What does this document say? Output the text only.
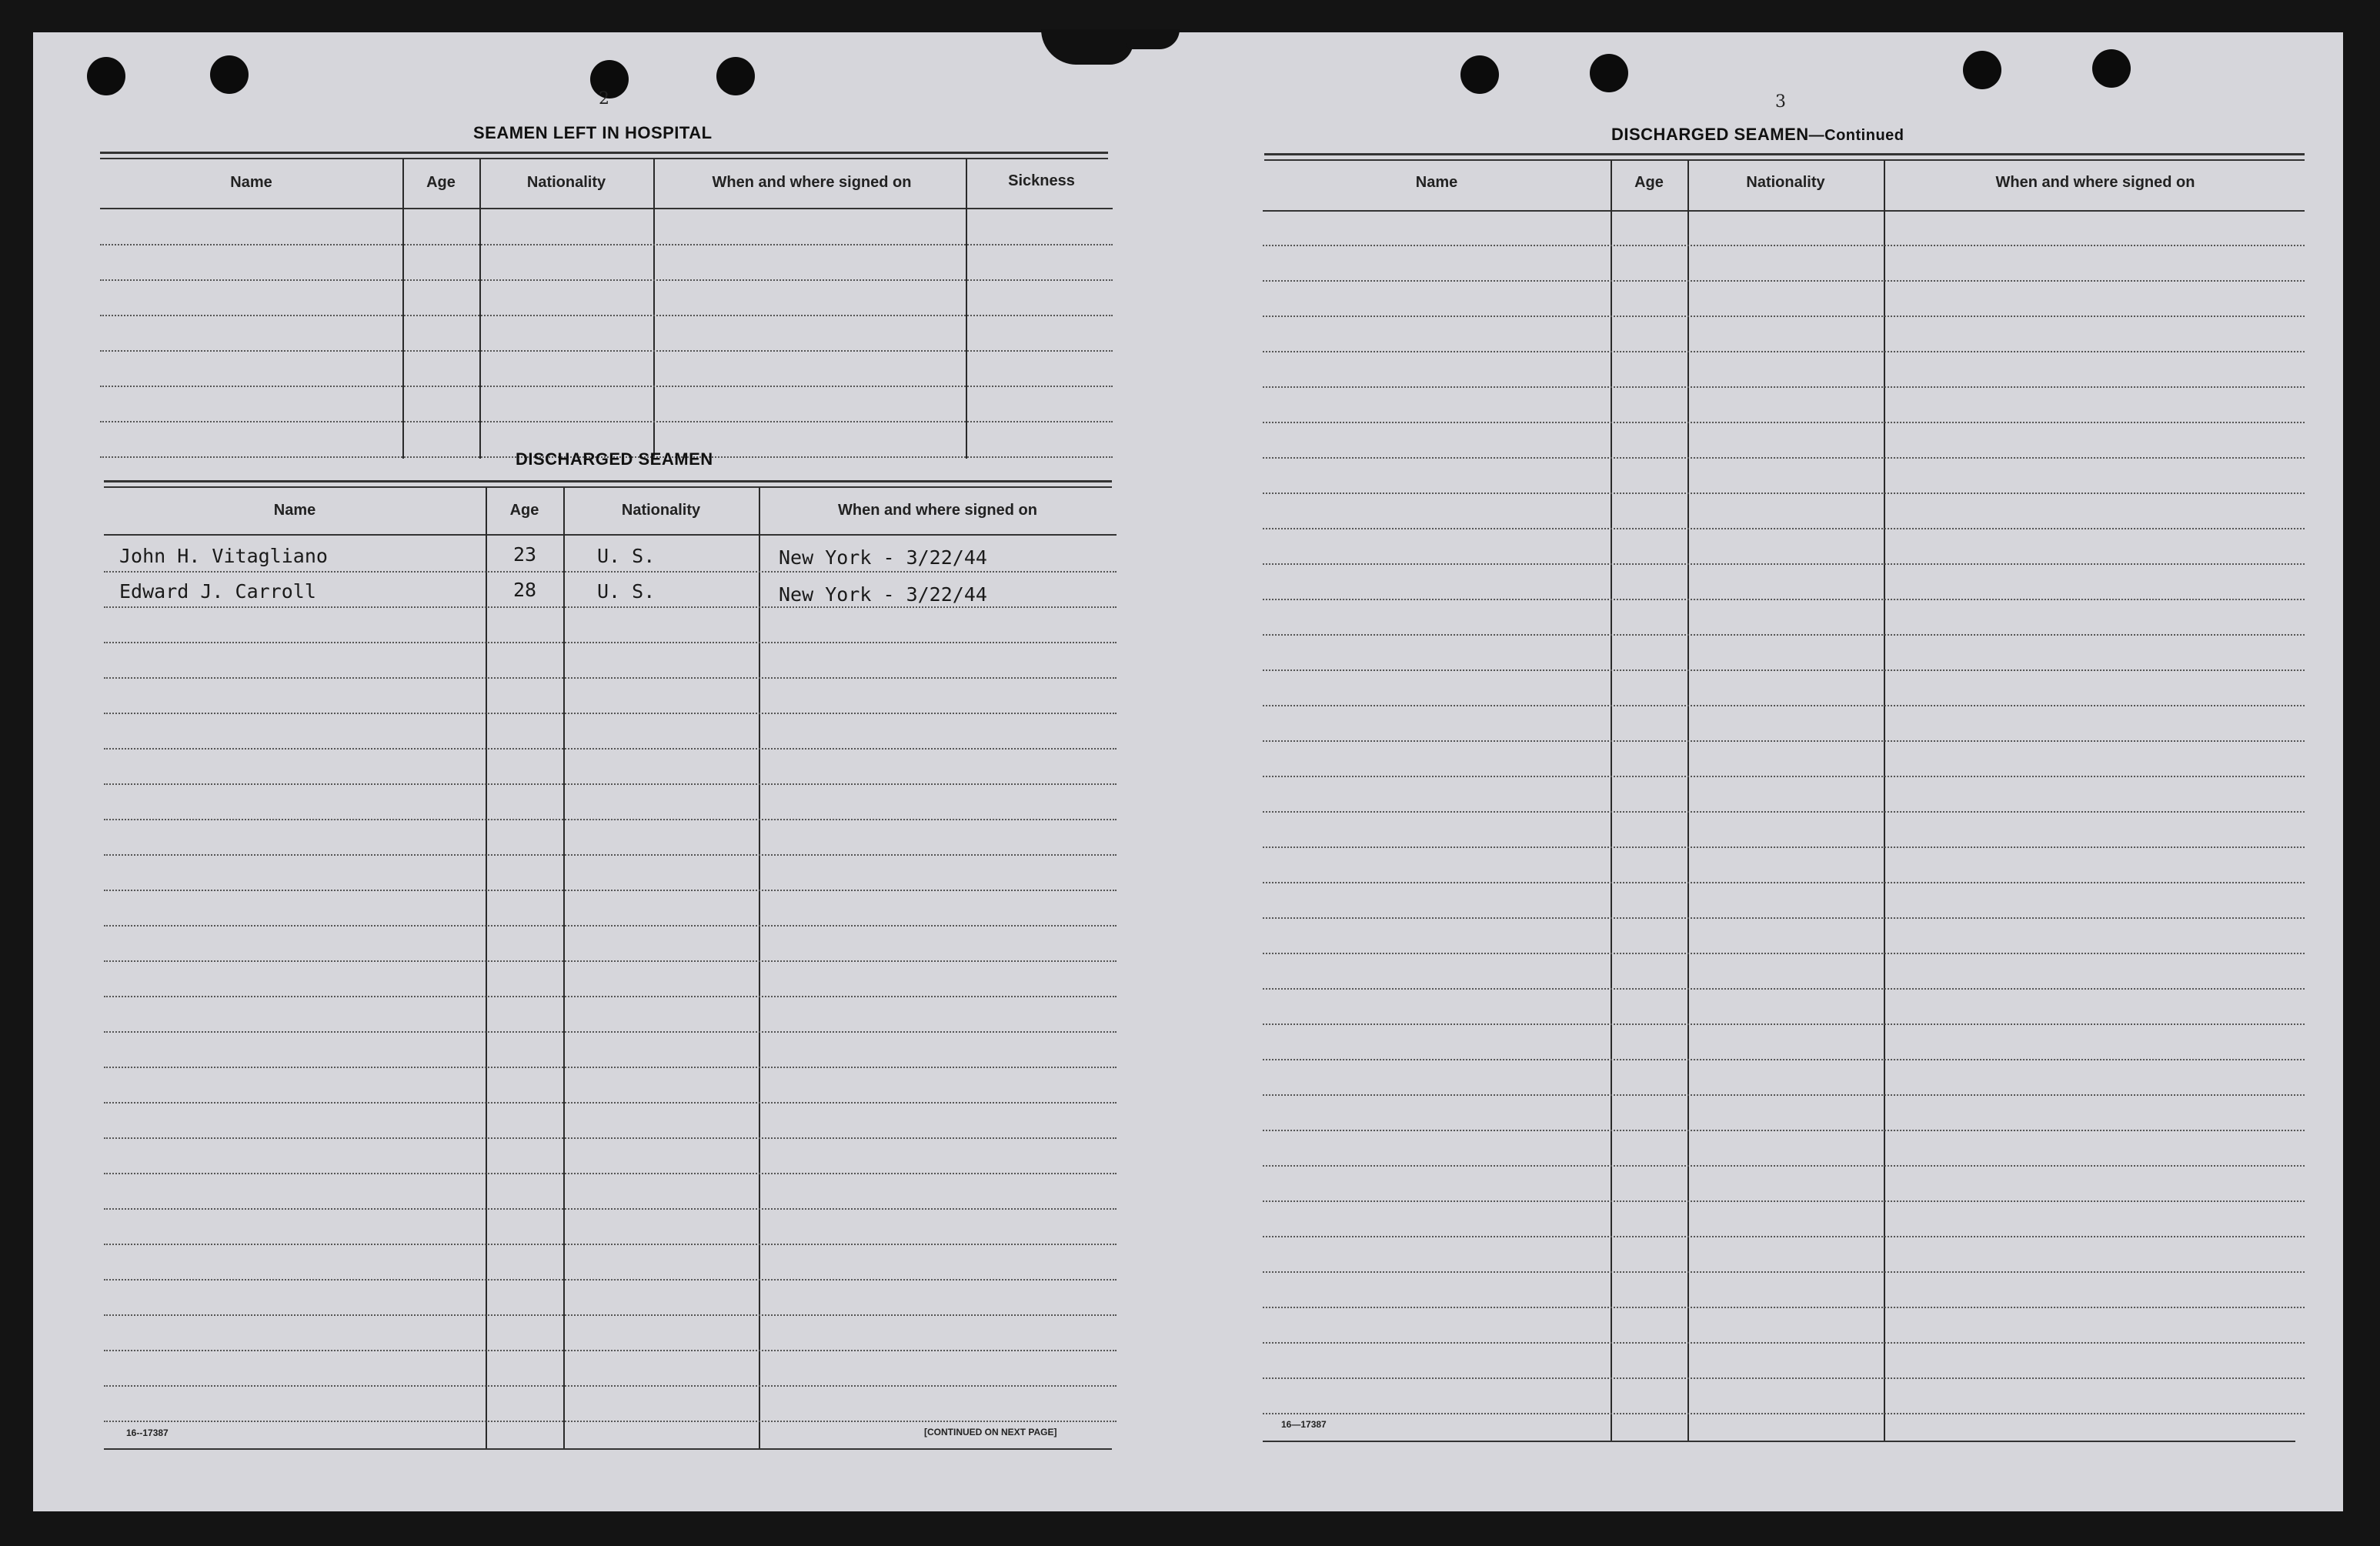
2
SEAMEN LEFT IN HOSPITAL
Name	Age	Nationality	When and where signed on	Sickness
DISCHARGED SEAMEN
Name	Age	Nationality	When and where signed on
John H. Vitagliano	23	U. S.	New York - 3/22/44
Edward J. Carroll	28	U. S.	New York - 3/22/44
16--17387	[CONTINUED ON NEXT PAGE]
3
DISCHARGED SEAMEN—Continued
Name	Age	Nationality	When and where signed on
16—17387
